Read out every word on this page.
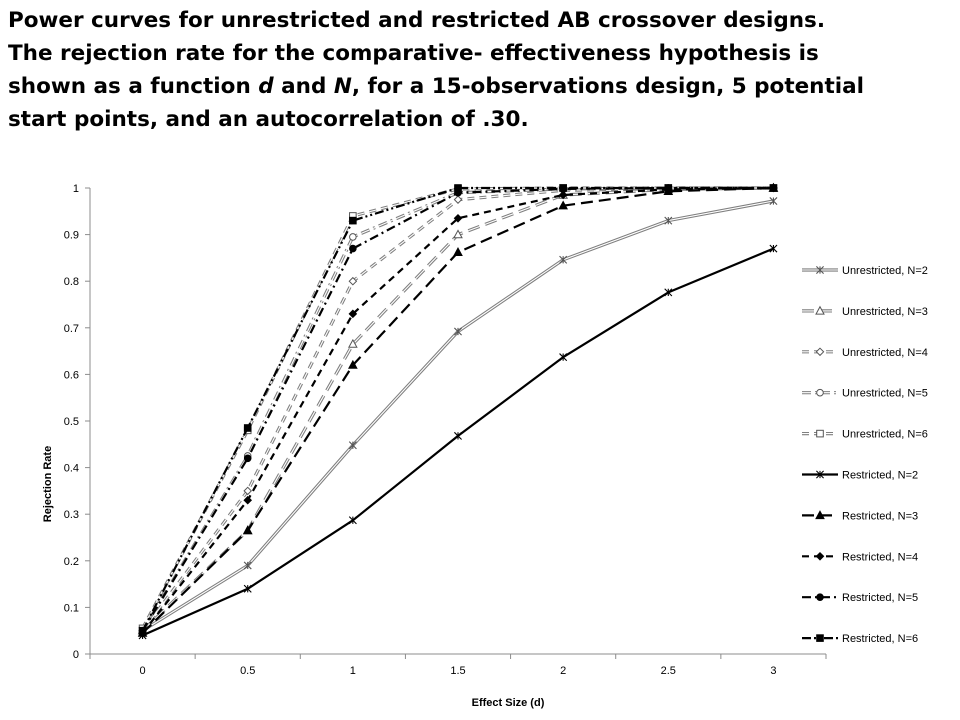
Power curves for unrestricted and restricted AB crossover designs.
The rejection rate for the comparative- effectiveness hypothesis is
shown as a function d and N, for a 15-observations design, 5 potential
start points, and an autocorrelation of .30.

0
0.1
0.2
0.3
0.4
0.5
0.6
0.7
0.8
0.9
1
0	0.5	1	1.5	2	2.5	3
Unrestricted, N=2
Unrestricted, N=3
Unrestricted, N=4
Unrestricted, N=5
Unrestricted, N=6
Restricted, N=2
Restricted, N=3
Restricted, N=4
Restricted, N=5
Restricted, N=6
Rejection Rate
Effect Size (d)
